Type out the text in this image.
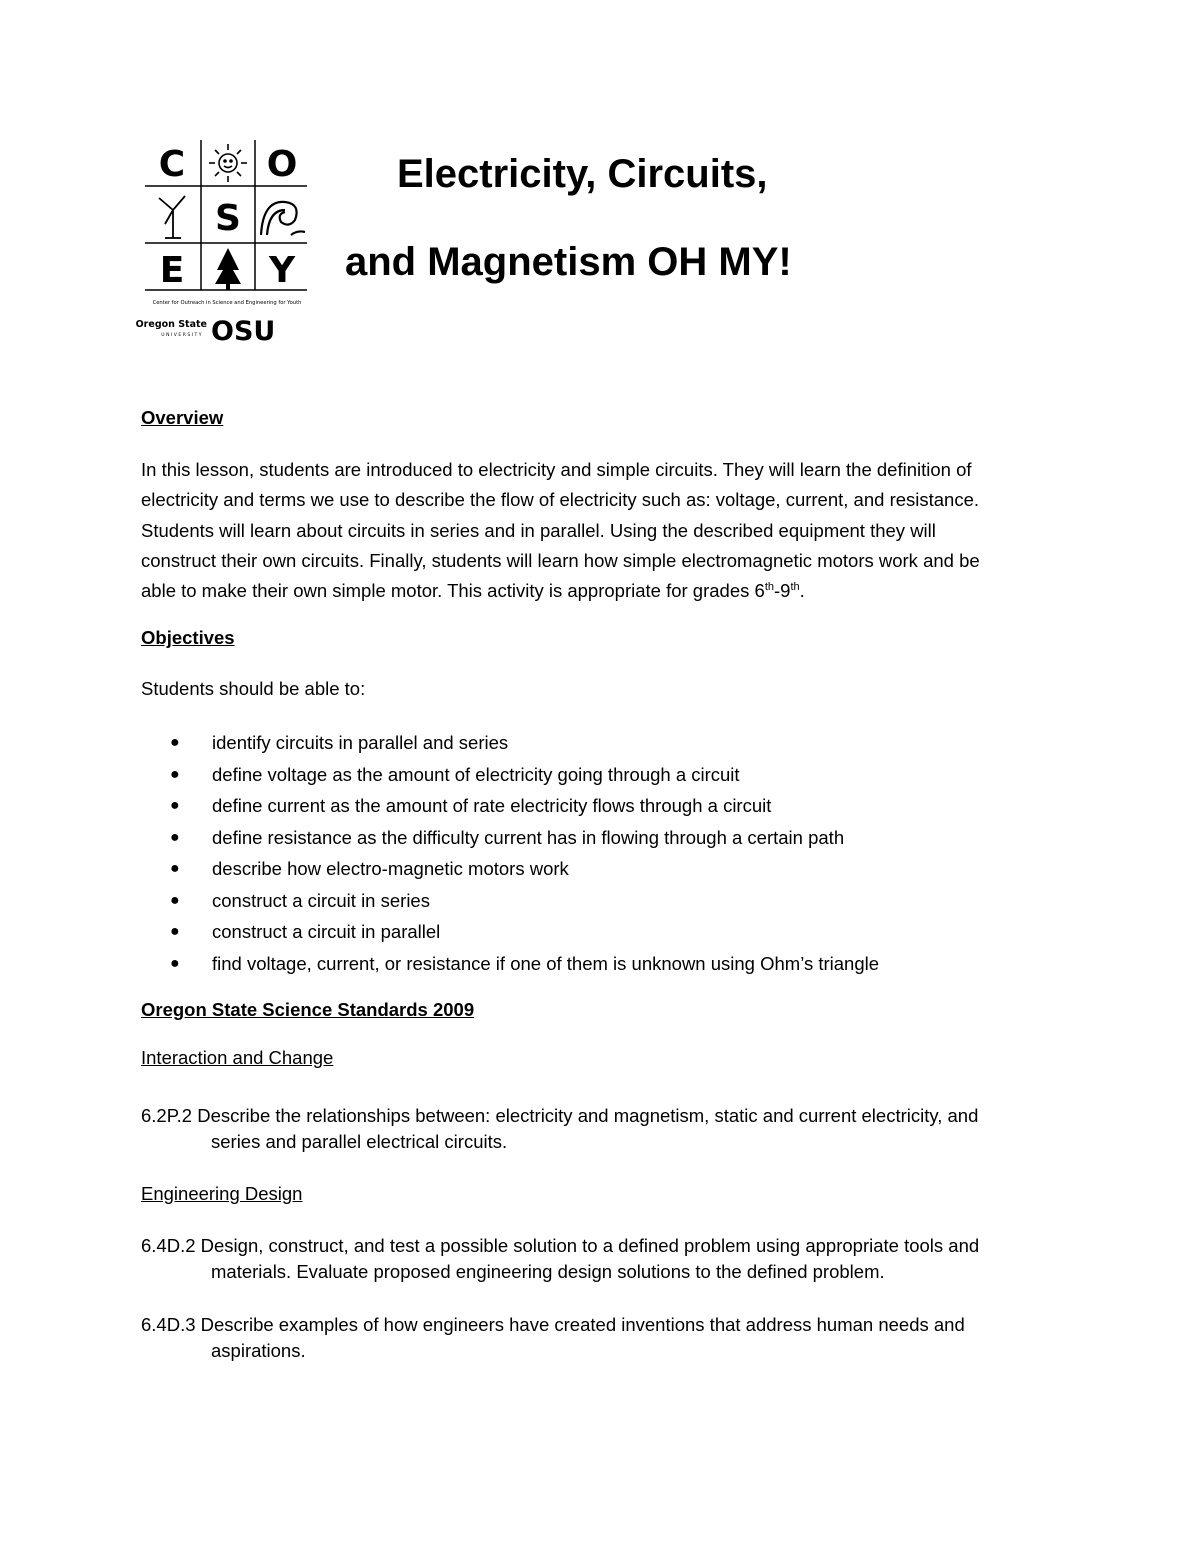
C O
S
E Y
Center for Outreach in Science and Engineering for Youth
Oregon State
UNIVERSITY OSU
Electricity, Circuits,
and Magnetism OH MY!
Overview

In this lesson, students are introduced to electricity and simple circuits. They will learn the definition of

electricity and terms we use to describe the flow of electricity such as: voltage, current, and resistance.

Students will learn about circuits in series and in parallel. Using the described equipment they will

construct their own circuits. Finally, students will learn how simple electromagnetic motors work and be

able to make their own simple motor. This activity is appropriate for grades 6th-9th.

Objectives
Students should be able to:
● identify circuits in parallel and series
● define voltage as the amount of electricity going through a circuit
● define current as the amount of rate electricity flows through a circuit
● define resistance as the difficulty current has in flowing through a certain path
● describe how electro-magnetic motors work
● construct a circuit in series
● construct a circuit in parallel
● find voltage, current, or resistance if one of them is unknown using Ohm’s triangle
Oregon State Science Standards 2009
Interaction and Change
6.2P.2 Describe the relationships between: electricity and magnetism, static and current electricity, and
series and parallel electrical circuits.
Engineering Design
6.4D.2 Design, construct, and test a possible solution to a defined problem using appropriate tools and
materials. Evaluate proposed engineering design solutions to the defined problem.
6.4D.3 Describe examples of how engineers have created inventions that address human needs and
aspirations.
